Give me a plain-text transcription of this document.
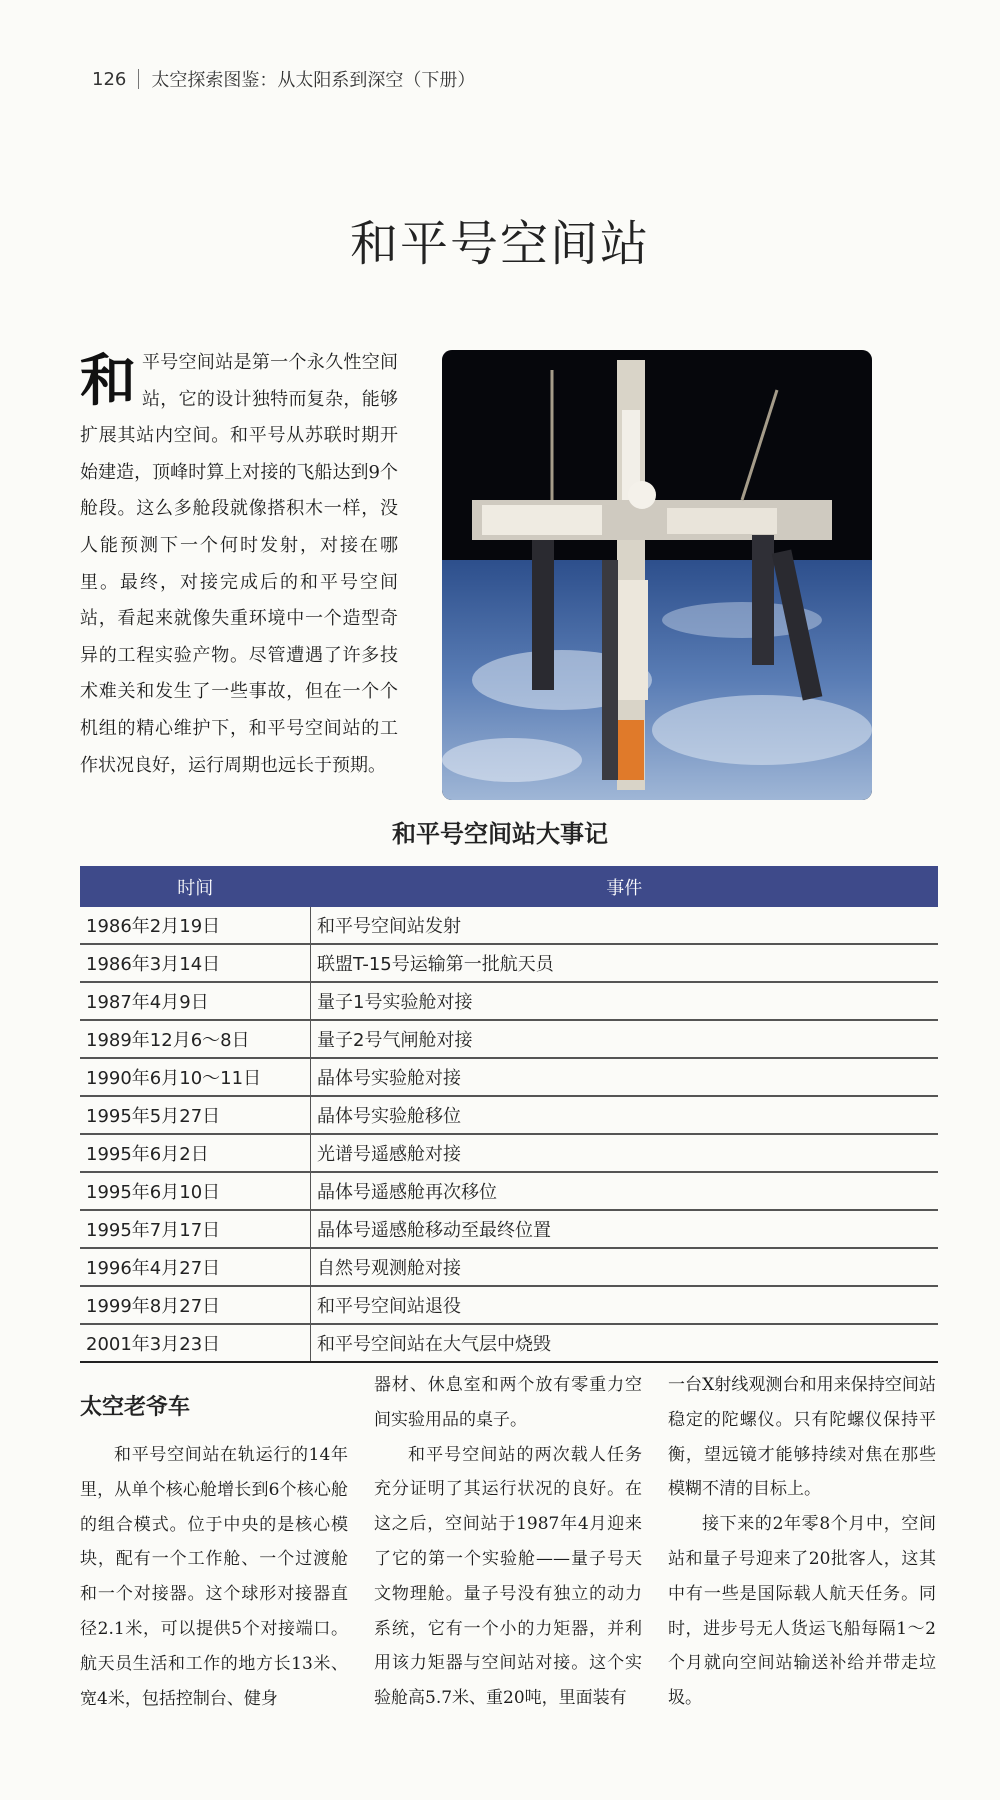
126 太空探索图鉴：从太阳系到深空（下册）
和平号空间站
和 平号空间站是第一个永久性空间站，它的设计独特而复杂，能够扩展其站内空间。和平号从苏联时期开始建造，顶峰时算上对接的飞船达到9个舱段。这么多舱段就像搭积木一样，没人能预测下一个何时发射，对接在哪里。最终，对接完成后的和平号空间站，看起来就像失重环境中一个造型奇异的工程实验产物。尽管遭遇了许多技术难关和发生了一些事故，但在一个个机组的精心维护下，和平号空间站的工作状况良好，运行周期也远长于预期。
和平号空间站大事记
时间	事件
1986年2月19日	和平号空间站发射
1986年3月14日	联盟T-15号运输第一批航天员
1987年4月9日	量子1号实验舱对接
1989年12月6～8日	量子2号气闸舱对接
1990年6月10～11日	晶体号实验舱对接
1995年5月27日	晶体号实验舱移位
1995年6月2日	光谱号遥感舱对接
1995年6月10日	晶体号遥感舱再次移位
1995年7月17日	晶体号遥感舱移动至最终位置
1996年4月27日	自然号观测舱对接
1999年8月27日	和平号空间站退役
2001年3月23日	和平号空间站在大气层中烧毁
太空老爷车

和平号空间站在轨运行的14年里，从单个核心舱增长到6个核心舱的组合模式。位于中央的是核心模块，配有一个工作舱、一个过渡舱和一个对接器。这个球形对接器直径2.1米，可以提供5个对接端口。航天员生活和工作的地方长13米、宽4米，包括控制台、健身

器材、休息室和两个放有零重力空间实验用品的桌子。

和平号空间站的两次载人任务充分证明了其运行状况的良好。在这之后，空间站于1987年4月迎来了它的第一个实验舱——量子号天文物理舱。量子号没有独立的动力系统，它有一个小的力矩器，并利用该力矩器与空间站对接。这个实验舱高5.7米、重20吨，里面装有

一台X射线观测台和用来保持空间站稳定的陀螺仪。只有陀螺仪保持平衡，望远镜才能够持续对焦在那些模糊不清的目标上。

接下来的2年零8个月中，空间站和量子号迎来了20批客人，这其中有一些是国际载人航天任务。同时，进步号无人货运飞船每隔1～2个月就向空间站输送补给并带走垃圾。
